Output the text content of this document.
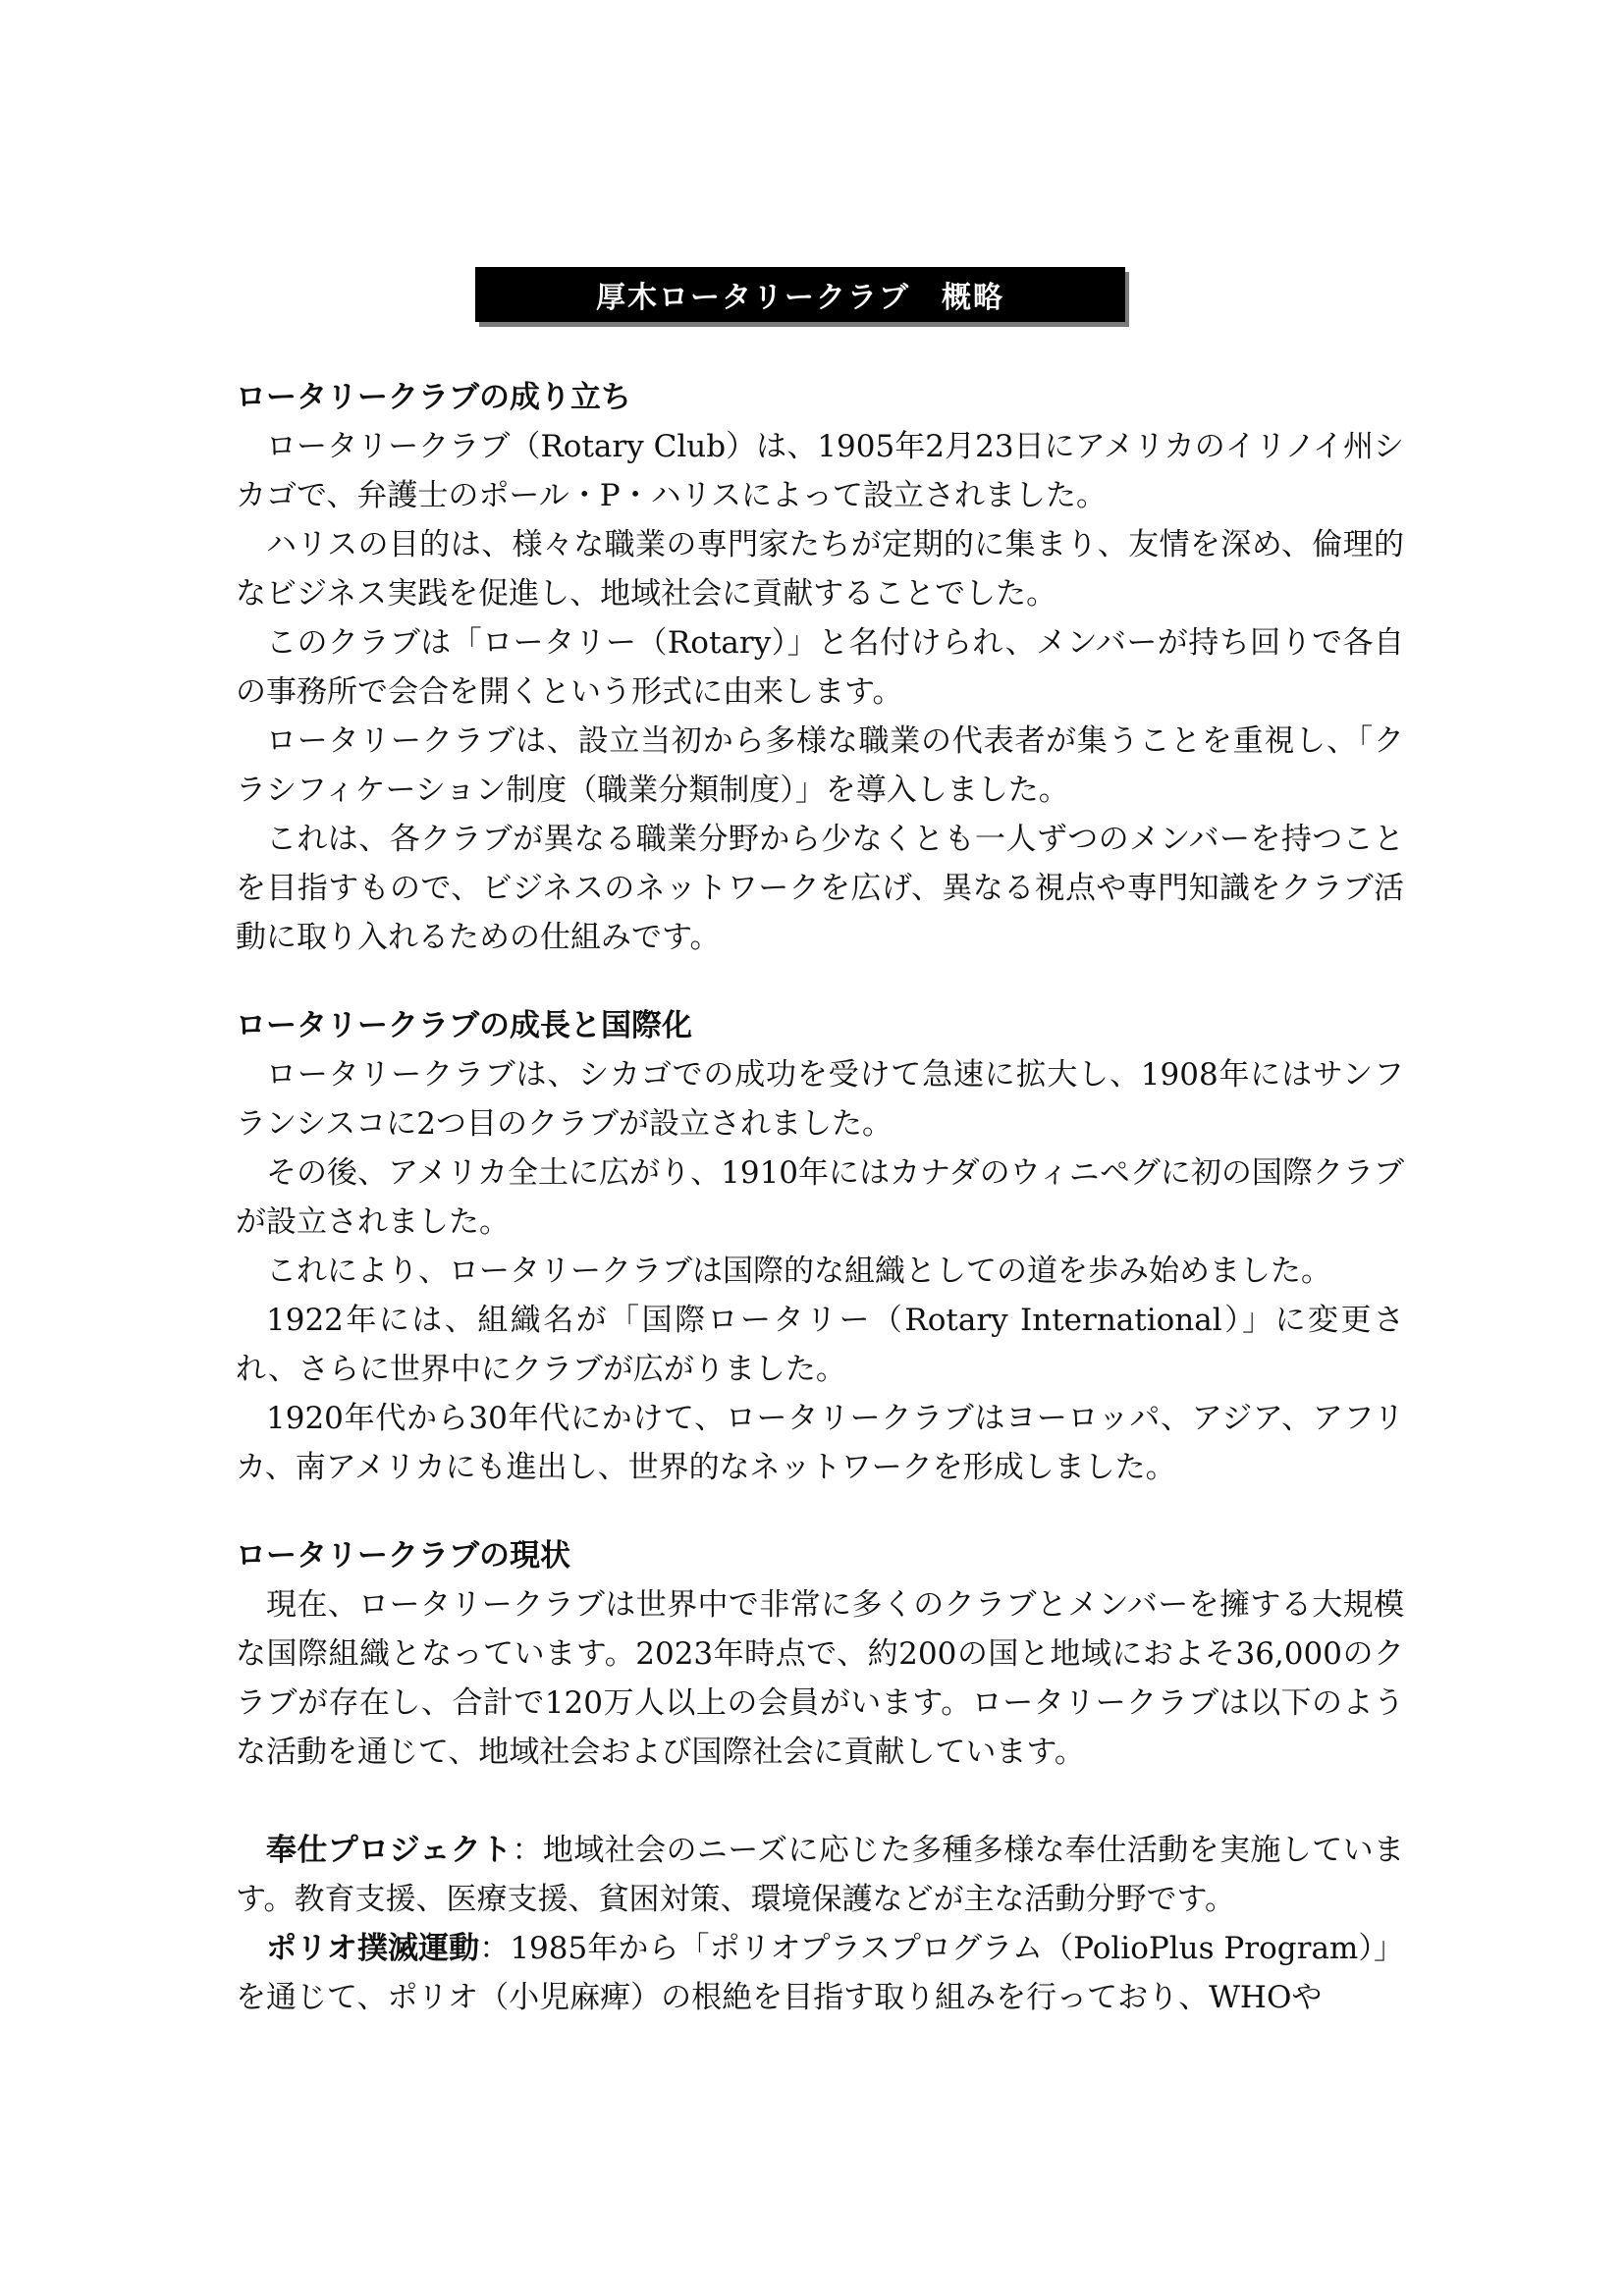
厚木ロータリークラブ　概略

ロータリークラブの成り立ち

ロータリークラブ（Rotary Club）は、1905年2月23日にアメリカのイリノイ州シカゴで、弁護士のポール・P・ハリスによって設立されました。

ハリスの目的は、様々な職業の専門家たちが定期的に集まり、友情を深め、倫理的なビジネス実践を促進し、地域社会に貢献することでした。

このクラブは「ロータリー（Rotary）」と名付けられ、メンバーが持ち回りで各自の事務所で会合を開くという形式に由来します。

ロータリークラブは、設立当初から多様な職業の代表者が集うことを重視し、「クラシフィケーション制度（職業分類制度）」を導入しました。

これは、各クラブが異なる職業分野から少なくとも一人ずつのメンバーを持つことを目指すもので、ビジネスのネットワークを広げ、異なる視点や専門知識をクラブ活動に取り入れるための仕組みです。

ロータリークラブの成長と国際化

ロータリークラブは、シカゴでの成功を受けて急速に拡大し、1908年にはサンフランシスコに2つ目のクラブが設立されました。

その後、アメリカ全土に広がり、1910年にはカナダのウィニペグに初の国際クラブが設立されました。

これにより、ロータリークラブは国際的な組織としての道を歩み始めました。

1922年には、組織名が「国際ロータリー（Rotary International）」に変更され、さらに世界中にクラブが広がりました。

1920年代から30年代にかけて、ロータリークラブはヨーロッパ、アジア、アフリカ、南アメリカにも進出し、世界的なネットワークを形成しました。

ロータリークラブの現状

現在、ロータリークラブは世界中で非常に多くのクラブとメンバーを擁する大規模な国際組織となっています。2023年時点で、約200の国と地域におよそ36,000のクラブが存在し、合計で120万人以上の会員がいます。ロータリークラブは以下のような活動を通じて、地域社会および国際社会に貢献しています。

奉仕プロジェクト：地域社会のニーズに応じた多種多様な奉仕活動を実施しています。教育支援、医療支援、貧困対策、環境保護などが主な活動分野です。

ポリオ撲滅運動：1985年から「ポリオプラスプログラム（PolioPlus Program）」を通じて、ポリオ（小児麻痺）の根絶を目指す取り組みを行っており、WHOや
